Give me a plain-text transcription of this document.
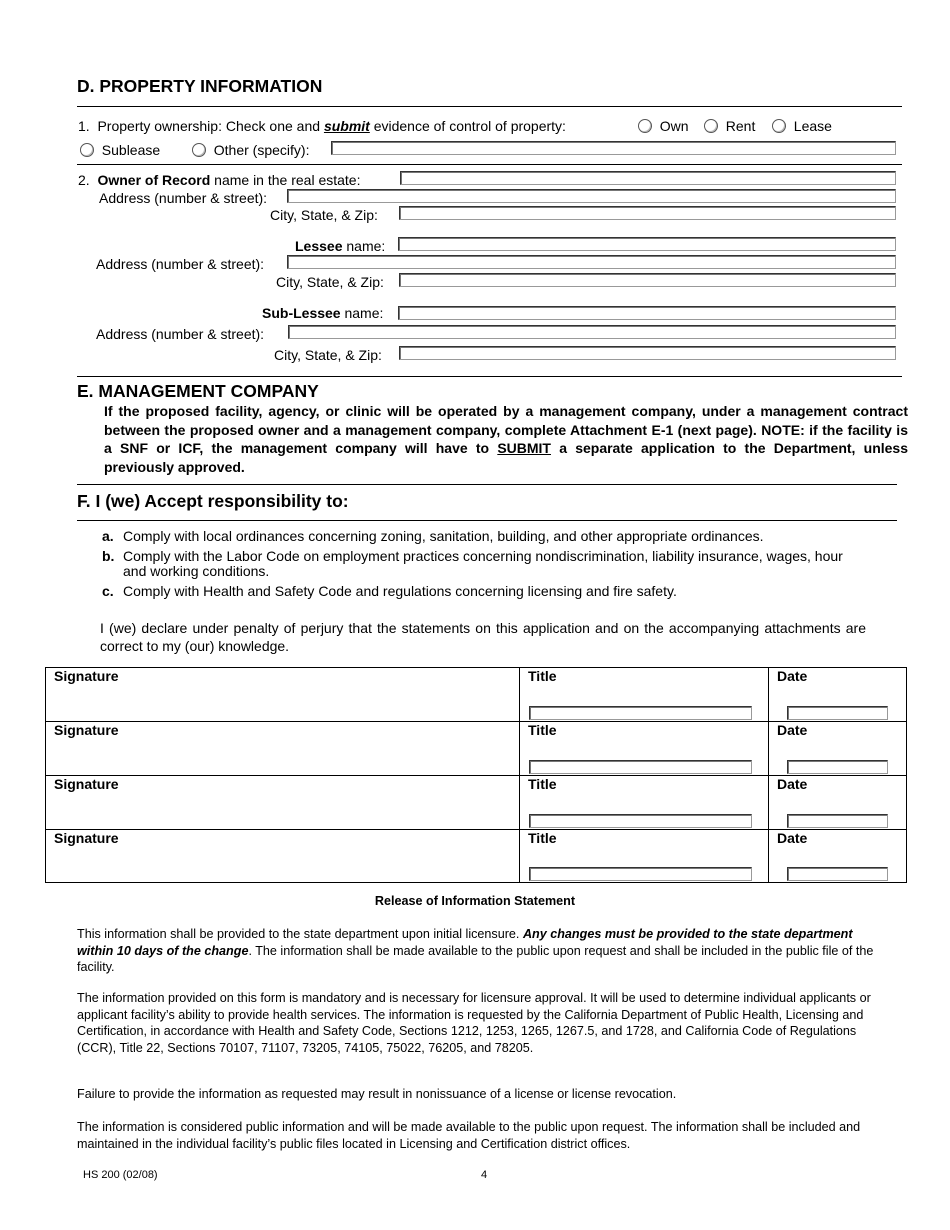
D. PROPERTY INFORMATION
1. Property ownership: Check one and submit evidence of control of property:	Own	Rent	Lease
Sublease	Other (specify):
2. Owner of Record name in the real estate:
Address (number & street):
City, State, & Zip:
Lessee name:
Address (number & street):
City, State, & Zip:
Sub-Lessee name:
Address (number & street):
City, State, & Zip:
E. MANAGEMENT COMPANY
If the proposed facility, agency, or clinic will be operated by a management company, under a management contract between the proposed owner and a management company, complete Attachment E-1 (next page). NOTE: if the facility is a SNF or ICF, the management company will have to SUBMIT a separate application to the Department, unless previously approved.
F. I (we) Accept responsibility to:
a. Comply with local ordinances concerning zoning, sanitation, building, and other appropriate ordinances.
b. Comply with the Labor Code on employment practices concerning nondiscrimination, liability insurance, wages, hour and working conditions.
c. Comply with Health and Safety Code and regulations concerning licensing and fire safety.
I (we) declare under penalty of perjury that the statements on this application and on the accompanying attachments are correct to my (our) knowledge.
Signature	Title	Date

Signature	Title	Date

Signature	Title	Date

Signature	Title	Date
Release of Information Statement
This information shall be provided to the state department upon initial licensure. Any changes must be provided to the state department within 10 days of the change. The information shall be made available to the public upon request and shall be included in the public file of the facility.
The information provided on this form is mandatory and is necessary for licensure approval. It will be used to determine individual applicants or applicant facility’s ability to provide health services. The information is requested by the California Department of Public Health, Licensing and Certification, in accordance with Health and Safety Code, Sections 1212, 1253, 1265, 1267.5, and 1728, and California Code of Regulations (CCR), Title 22, Sections 70107, 71107, 73205, 74105, 75022, 76205, and 78205.
Failure to provide the information as requested may result in nonissuance of a license or license revocation.
The information is considered public information and will be made available to the public upon request. The information shall be included and maintained in the individual facility’s public files located in Licensing and Certification district offices.
HS 200 (02/08)	4
